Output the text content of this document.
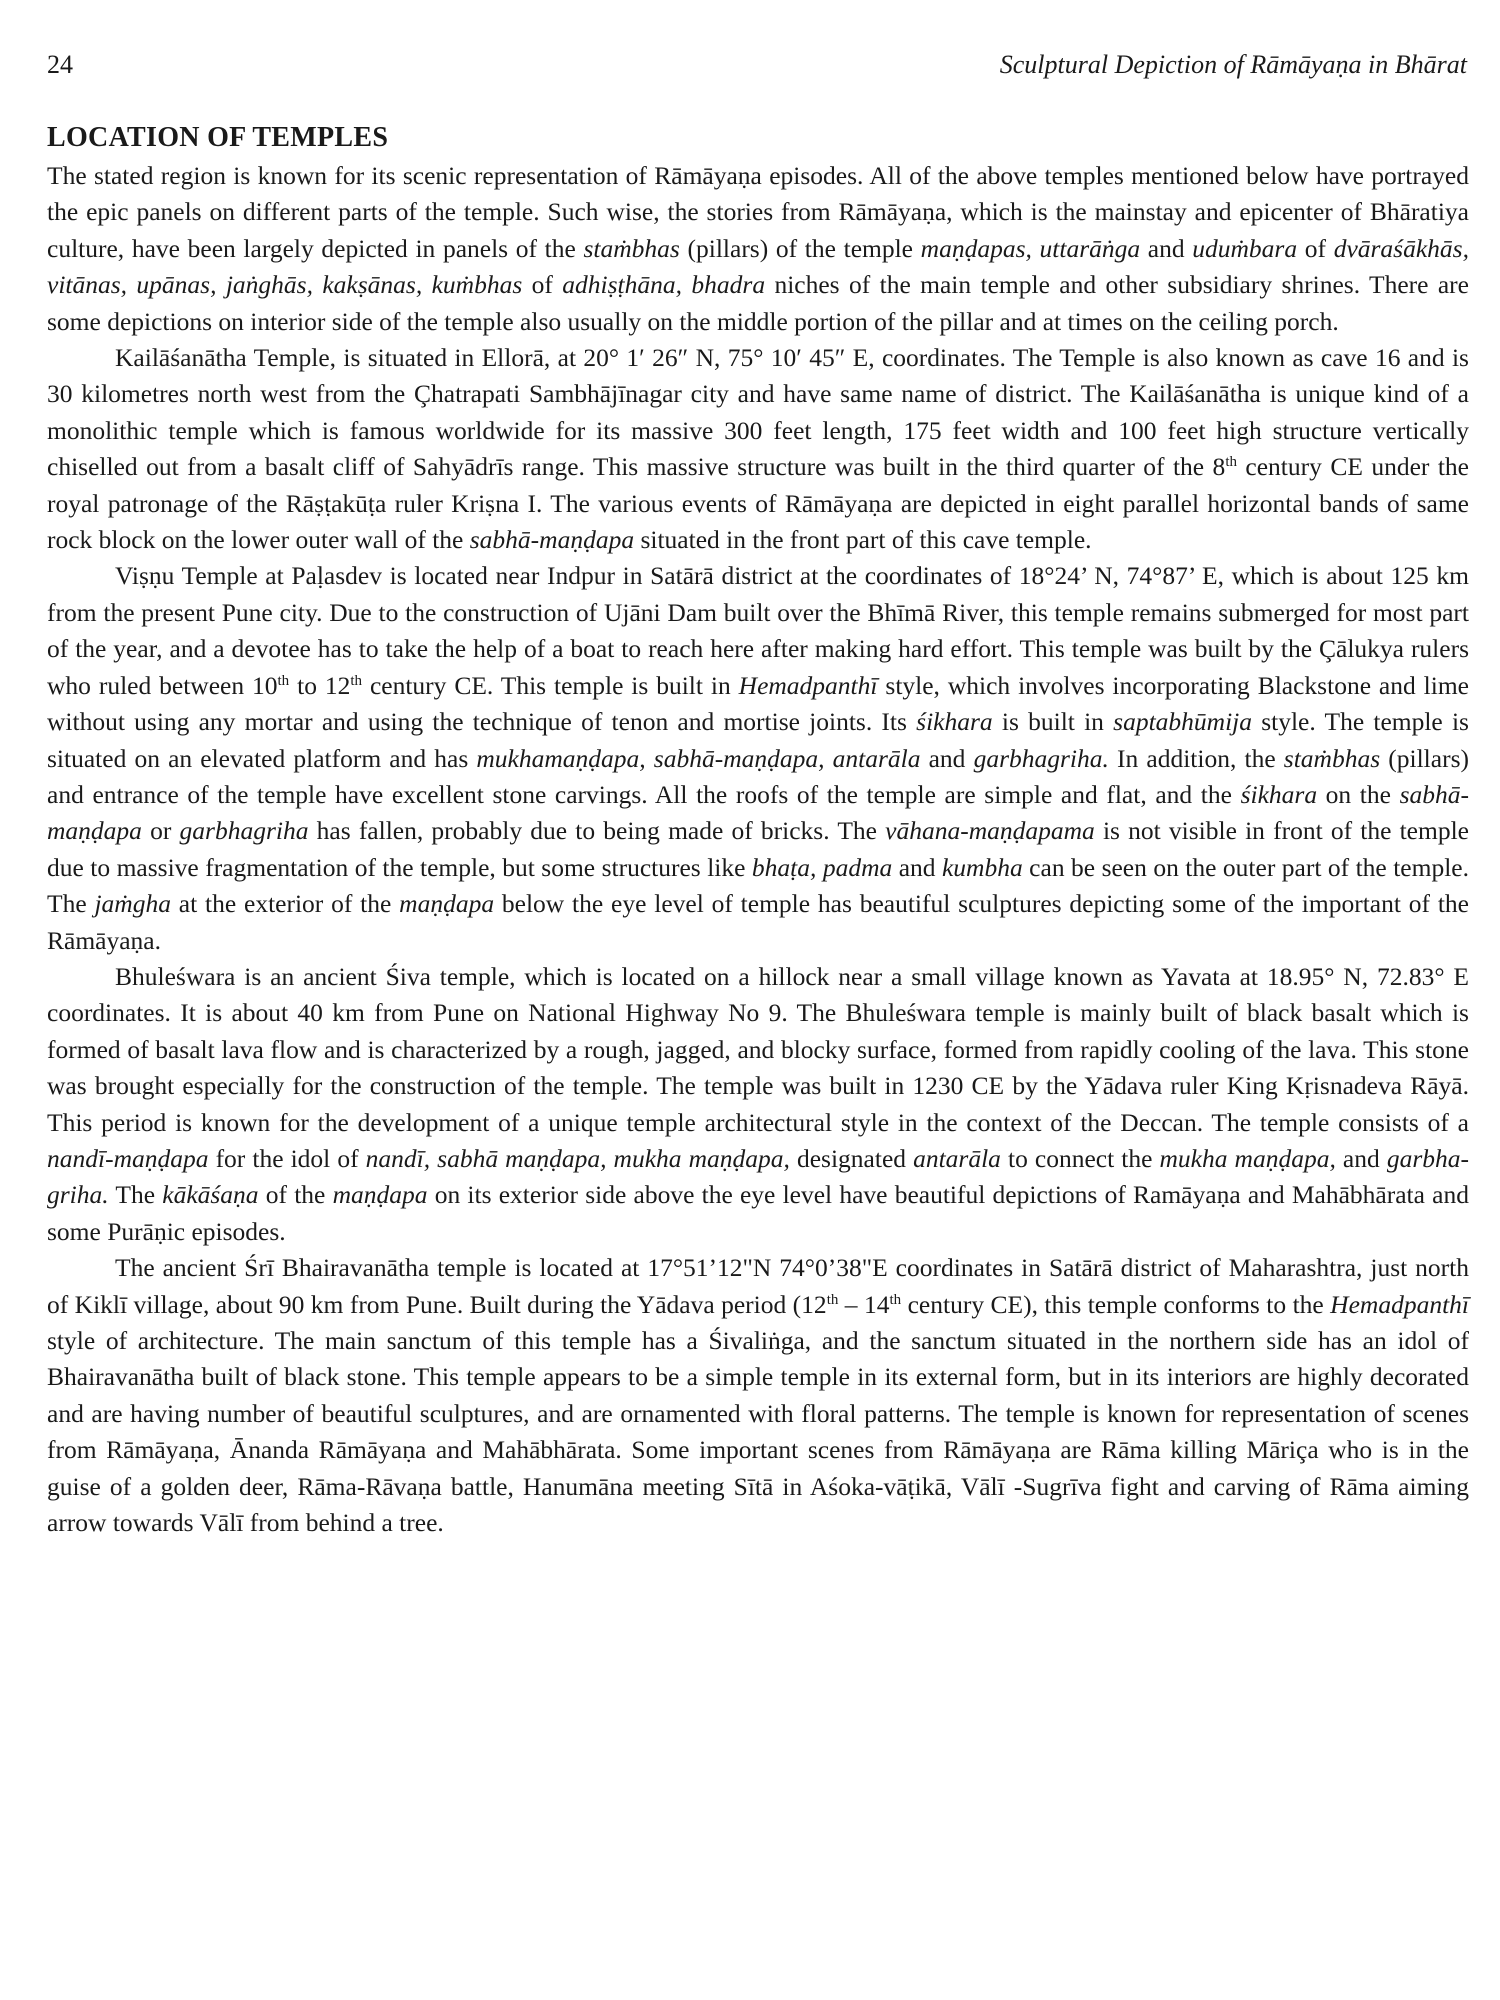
24	Sculptural Depiction of Rāmāyaṇa in Bhārat
LOCATION OF TEMPLES

The stated region is known for its scenic representation of Rāmāyaṇa episodes. All of the above temples mentioned below have portrayed the epic panels on different parts of the temple. Such wise, the stories from Rāmāyaṇa, which is the mainstay and epicenter of Bhāratiya culture, have been largely depicted in panels of the staṁbhas (pillars) of the temple maṇḍapas, uttarāṅga and uduṁbara of dvāraśākhās, vitānas, upānas, jaṅghās, kakṣānas, kuṁbhas of adhiṣṭhāna, bhadra niches of the main temple and other subsidiary shrines. There are some depictions on interior side of the temple also usually on the middle portion of the pillar and at times on the ceiling porch.

Kailāśanātha Temple, is situated in Ellorā, at 20° 1′ 26″ N, 75° 10′ 45″ E, coordinates. The Temple is also known as cave 16 and is 30 kilometres north west from the Çhatrapati Sambhājīnagar city and have same name of district. The Kailāśanātha is unique kind of a monolithic temple which is famous worldwide for its massive 300 feet length, 175 feet width and 100 feet high structure vertically chiselled out from a basalt cliff of Sahyādrīs range. This massive structure was built in the third quarter of the 8th century CE under the royal patronage of the Rāṣṭakūṭa ruler Kriṣna I. The various events of Rāmāyaṇa are depicted in eight parallel horizontal bands of same rock block on the lower outer wall of the sabhā-maṇḍapa situated in the front part of this cave temple.

Viṣṇu Temple at Paḷasdev is located near Indpur in Satārā district at the coordinates of 18°24’ N, 74°87’ E, which is about 125 km from the present Pune city. Due to the construction of Ujāni Dam built over the Bhīmā River, this temple remains submerged for most part of the year, and a devotee has to take the help of a boat to reach here after making hard effort. This temple was built by the Çālukya rulers who ruled between 10th to 12th century CE. This temple is built in Hemadpanthī style, which involves incorporating Blackstone and lime without using any mortar and using the technique of tenon and mortise joints. Its śikhara is built in saptabhūmija style. The temple is situated on an elevated platform and has mukhamaṇḍapa, sabhā-maṇḍapa, antarāla and garbhagriha. In addition, the staṁbhas (pillars) and entrance of the temple have excellent stone carvings. All the roofs of the temple are simple and flat, and the śikhara on the sabhā-maṇḍapa or garbhagriha has fallen, probably due to being made of bricks. The vāhana-maṇḍapama is not visible in front of the temple due to massive fragmentation of the temple, but some structures like bhaṭa, padma and kumbha can be seen on the outer part of the temple. The jaṁgha at the exterior of the maṇḍapa below the eye level of temple has beautiful sculptures depicting some of the important of the Rāmāyaṇa.

Bhuleśwara is an ancient Śiva temple, which is located on a hillock near a small village known as Yavata at 18.95° N, 72.83° E coordinates. It is about 40 km from Pune on National Highway No 9. The Bhuleśwara temple is mainly built of black basalt which is formed of basalt lava flow and is characterized by a rough, jagged, and blocky surface, formed from rapidly cooling of the lava. This stone was brought especially for the construction of the temple. The temple was built in 1230 CE by the Yādava ruler King Kṛisnadeva Rāyā. This period is known for the development of a unique temple architectural style in the context of the Deccan. The temple consists of a nandī-maṇḍapa for the idol of nandī, sabhā maṇḍapa, mukha maṇḍapa, designated antarāla to connect the mukha maṇḍapa, and garbha- griha. The kākāśaṇa of the maṇḍapa on its exterior side above the eye level have beautiful depictions of Ramāyaṇa and Mahābhārata and some Purāṇic episodes.

The ancient Śrī Bhairavanātha temple is located at 17°51’12"N 74°0’38"E coordinates in Satārā district of Maharashtra, just north of Kiklī village, about 90 km from Pune. Built during the Yādava period (12th – 14th century CE), this temple conforms to the Hemadpanthī style of architecture. The main sanctum of this temple has a Śivaliṅga, and the sanctum situated in the northern side has an idol of Bhairavanātha built of black stone. This temple appears to be a simple temple in its external form, but in its interiors are highly decorated and are having number of beautiful sculptures, and are ornamented with floral patterns. The temple is known for representation of scenes from Rāmāyaṇa, Ānanda Rāmāyaṇa and Mahābhārata. Some important scenes from Rāmāyaṇa are Rāma killing Māriça who is in the guise of a golden deer, Rāma-Rāvaṇa battle, Hanumāna meeting Sītā in Aśoka-vāṭikā, Vālī -Sugrīva fight and carving of Rāma aiming arrow towards Vālī from behind a tree.
